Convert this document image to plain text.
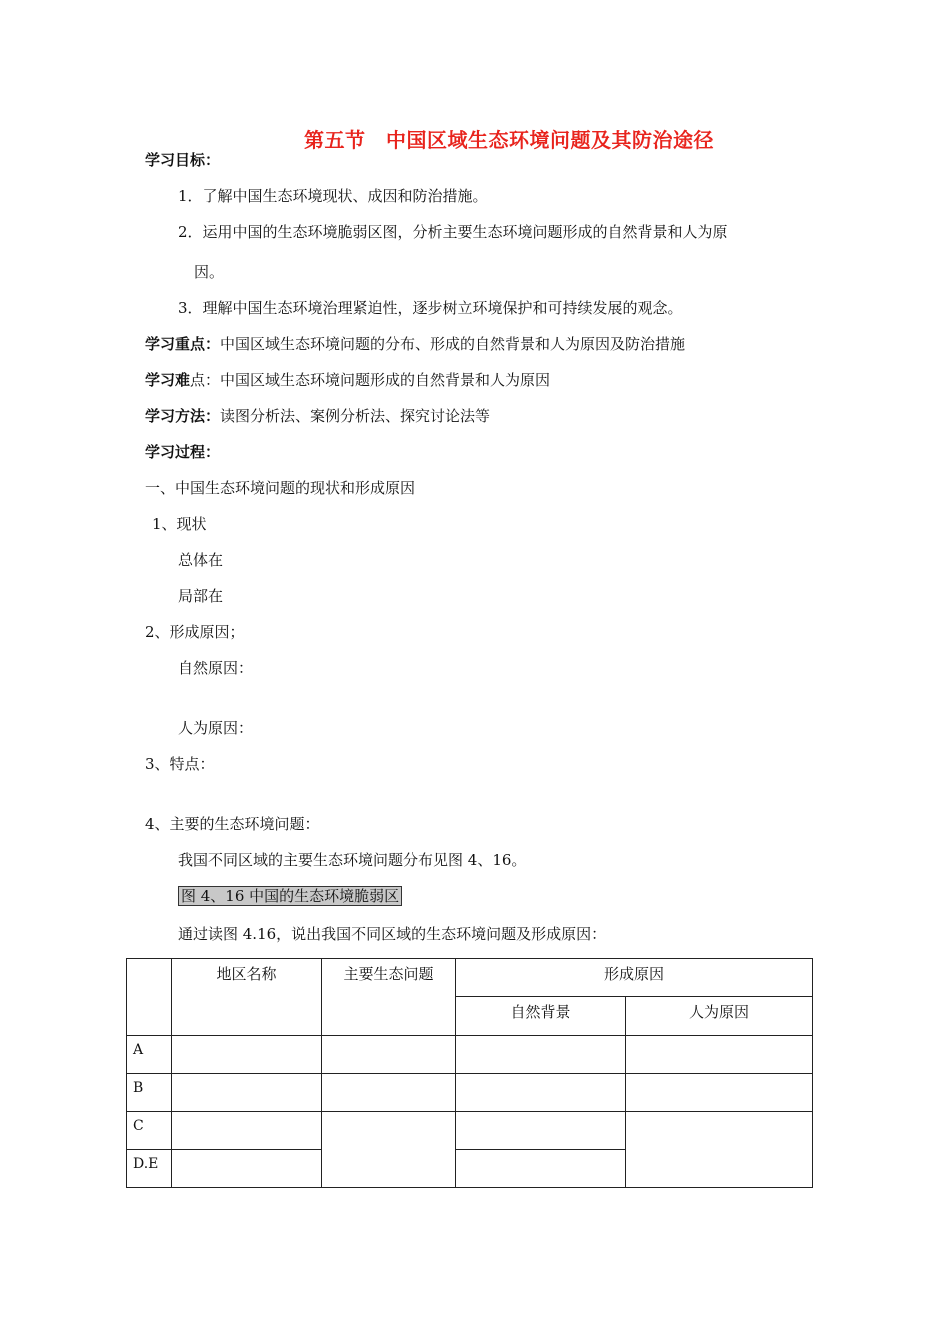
第五节　中国区域生态环境问题及其防治途径
学习目标：
1．了解中国生态环境现状、成因和防治措施。
2．运用中国的生态环境脆弱区图，分析主要生态环境问题形成的自然背景和人为原
因。
3．理解中国生态环境治理紧迫性，逐步树立环境保护和可持续发展的观念。
学习重点：中国区域生态环境问题的分布、形成的自然背景和人为原因及防治措施
学习难点：中国区域生态环境问题形成的自然背景和人为原因
学习方法：读图分析法、案例分析法、探究讨论法等
学习过程：
一、中国生态环境问题的现状和形成原因
1、现状
总体在
局部在
2、形成原因；
自然原因：
人为原因：
3、特点：
4、主要的生态环境问题：
我国不同区域的主要生态环境问题分布见图 4、16。
图 4、16 中国的生态环境脆弱区
通过读图 4.16，说出我国不同区域的生态环境问题及形成原因：
	地区名称	主要生态问题	形成原因	
			自然背景	人为原因
A				
B				
C				
D.E				
